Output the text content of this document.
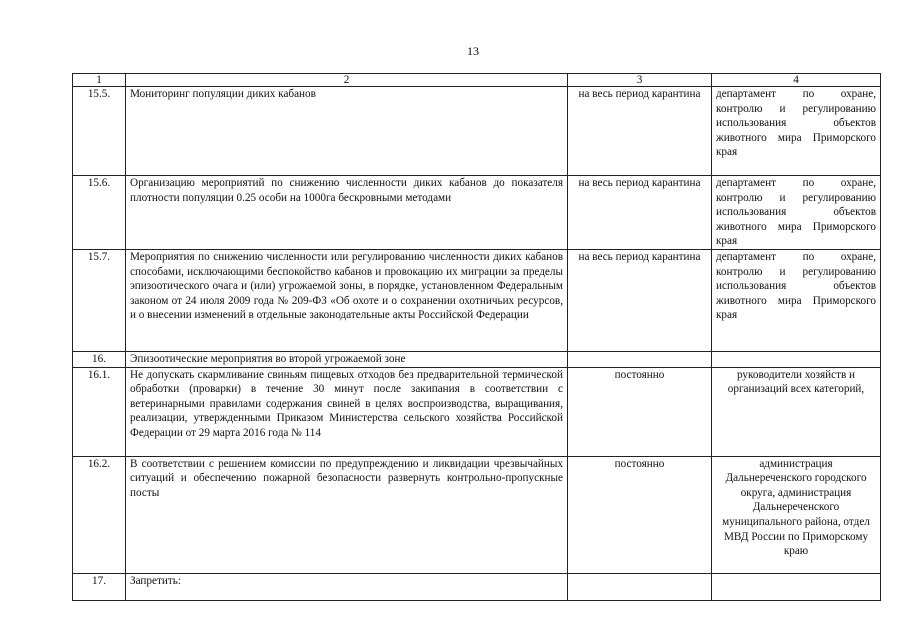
13
1	2	3	4
15.5.	Мониторинг популяции диких кабанов	на весь период карантина	департамент по охране, контролю и регулированию использования объектов животного мира Приморского края
15.6.	Организацию мероприятий по снижению численности диких кабанов до показателя плотности популяции 0.25 особи на 1000га бескровными методами	на весь период карантина	департамент по охране, контролю и регулированию использования объектов животного мира Приморского края
15.7.	Мероприятия по снижению численности или регулированию численности диких кабанов способами, исключающими беспокойство кабанов и провокацию их миграции за пределы эпизоотического очага и (или) угрожаемой зоны, в порядке, установленном Федеральным законом от 24 июля 2009 года № 209-ФЗ «Об охоте и о сохранении охотничьих ресурсов, и о внесении изменений в отдельные законодательные акты Российской Федерации	на весь период карантина	департамент по охране, контролю и регулированию использования объектов животного мира Приморского края
16.	Эпизоотические мероприятия во второй угрожаемой зоне		
16.1.	Не допускать скармливание свиньям пищевых отходов без предварительной термической обработки (проварки) в течение 30 минут после закипания в соответствии с ветеринарными правилами содержания свиней в целях воспроизводства, выращивания, реализации, утвержденными Приказом Министерства сельского хозяйства Российской Федерации от 29 марта 2016 года № 114	постоянно	руководители хозяйств и организаций всех категорий,
16.2.	В соответствии с решением комиссии по предупреждению и ликвидации чрезвычайных ситуаций и обеспечению пожарной безопасности развернуть контрольно-пропускные посты	постоянно	администрация Дальнереченского городского округа, администрация Дальнереченского муниципального района, отдел МВД России по Приморскому краю
17.	Запретить:		
